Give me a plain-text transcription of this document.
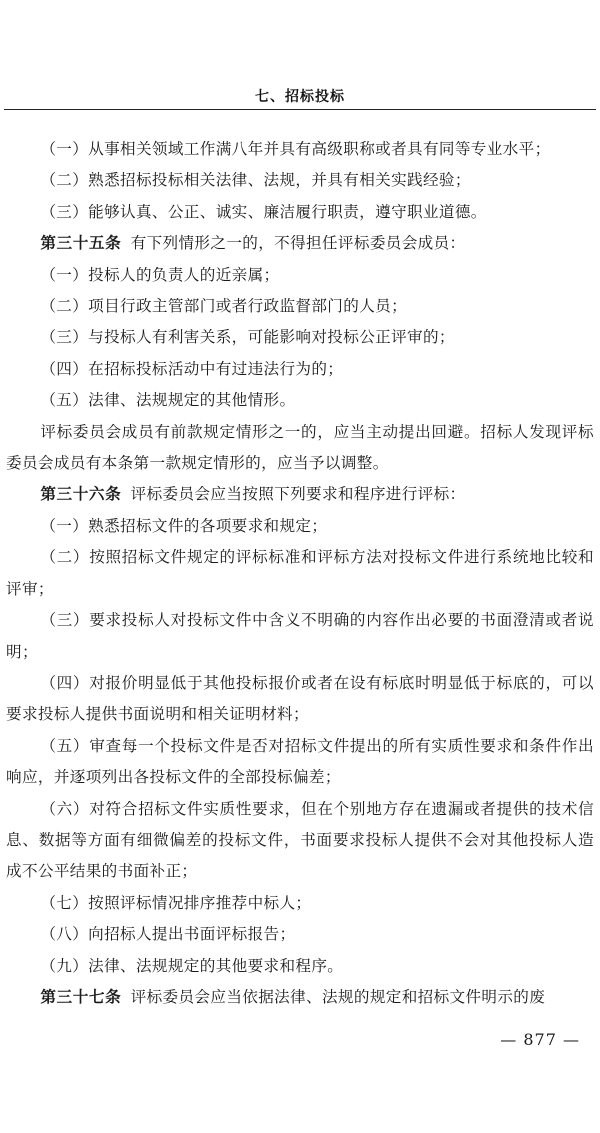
七、招标投标

（一）从事相关领域工作满八年并具有高级职称或者具有同等专业水平；

（二）熟悉招标投标相关法律、法规，并具有相关实践经验；

（三）能够认真、公正、诚实、廉洁履行职责，遵守职业道德。

第三十五条 有下列情形之一的，不得担任评标委员会成员：

（一）投标人的负责人的近亲属；

（二）项目行政主管部门或者行政监督部门的人员；

（三）与投标人有利害关系，可能影响对投标公正评审的；

（四）在招标投标活动中有过违法行为的；

（五）法律、法规规定的其他情形。

评标委员会成员有前款规定情形之一的，应当主动提出回避。招标人发现评标委员会成员有本条第一款规定情形的，应当予以调整。

第三十六条 评标委员会应当按照下列要求和程序进行评标：

（一）熟悉招标文件的各项要求和规定；

（二）按照招标文件规定的评标标准和评标方法对投标文件进行系统地比较和评审；

（三）要求投标人对投标文件中含义不明确的内容作出必要的书面澄清或者说明；

（四）对报价明显低于其他投标报价或者在设有标底时明显低于标底的，可以要求投标人提供书面说明和相关证明材料；

（五）审查每一个投标文件是否对招标文件提出的所有实质性要求和条件作出响应，并逐项列出各投标文件的全部投标偏差；

（六）对符合招标文件实质性要求，但在个别地方存在遗漏或者提供的技术信息、数据等方面有细微偏差的投标文件，书面要求投标人提供不会对其他投标人造成不公平结果的书面补正；

（七）按照评标情况排序推荐中标人；

（八）向招标人提出书面评标报告；

（九）法律、法规规定的其他要求和程序。

第三十七条 评标委员会应当依据法律、法规的规定和招标文件明示的废

— 877 —
